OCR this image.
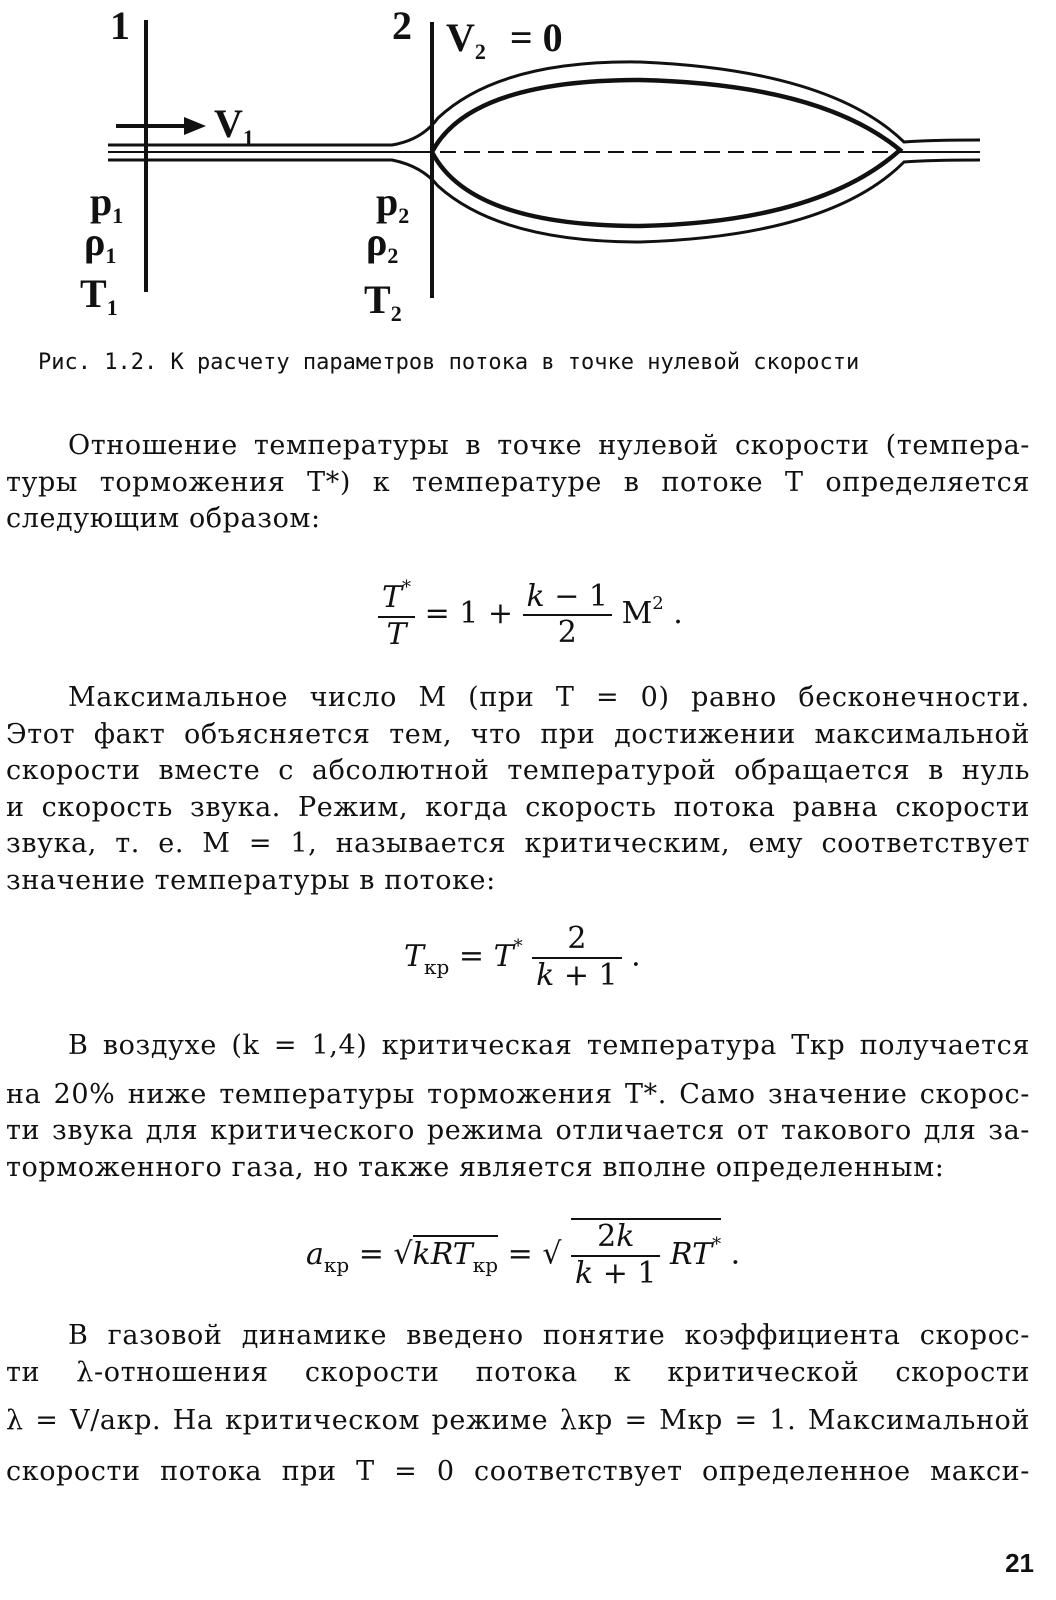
1	2 $V_2 = 0$
$V_1$
$p_1$
$\rho_1$
$T_1$
$p_2$
$\rho_2$
$T_2$
Рис. 1.2. К расчету параметров потока в точке нулевой скорости
Отношение температуры в точке нулевой скорости (темпера-
туры торможения T*) к температуре в потоке T определяется
следующим образом:
$\frac{T^*}{T} = 1 + \frac{k - 1}{2} M^2$ .
Максимальное число М (при T = 0) равно бесконечности.
Этот факт объясняется тем, что при достижении максимальной
скорости вместе с абсолютной температурой обращается в нуль
и скорость звука. Режим, когда скорость потока равна скорости
звука, т. е. М = 1, называется критическим, ему соответствует
значение температуры в потоке:
$T_{кр} = T^* \frac{2}{k + 1}$ .
В воздухе (k = 1,4) критическая температура Tкр получается
на 20% ниже температуры торможения T*. Само значение скорос-
ти звука для критического режима отличается от такового для за-
торможенного газа, но также является вполне определенным:
$a_{кр} = √kRT_{кр}$ = √ $\frac{2k}{k + 1} RT^*$ .
В газовой динамике введено понятие коэффициента скорос-
ти λ-отношения скорости потока к критической скорости
λ = V/aкр. На критическом режиме λкр = Мкр = 1. Максимальной
скорости потока при T = 0 соответствует определенное макси-
21
